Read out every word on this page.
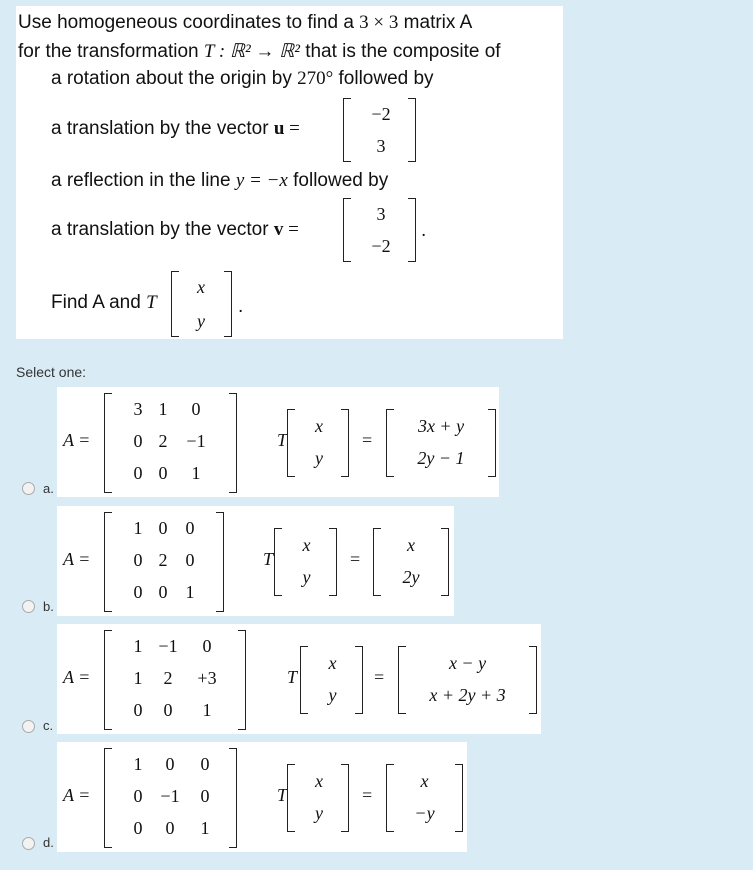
Use homogeneous coordinates to find a 3 × 3 matrix A
for the transformation T : ℝ² → ℝ² that is the composite of
a rotation about the origin by 270° followed by
a translation by the vector u =
−2
3
a reflection in the line y = −x followed by
a translation by the vector v =
3
−2
.
Find A and T
x
y
.
Select one:
a.
b.
c.
d.
A =
3 1	0
0 2	−1
0 0	1
T
x
y
=
3x + y
2y − 1
A =
1 0	0
0 2	0
0 0	1
T
x
y
=
x
2y
A =
1 −1	0
1	2	+3
0	0	1
T
x
y
=
x − y
x + 2y + 3
A =
1	0	0
0 −1	0
0	0	1
T
x
y
=
x
−y
